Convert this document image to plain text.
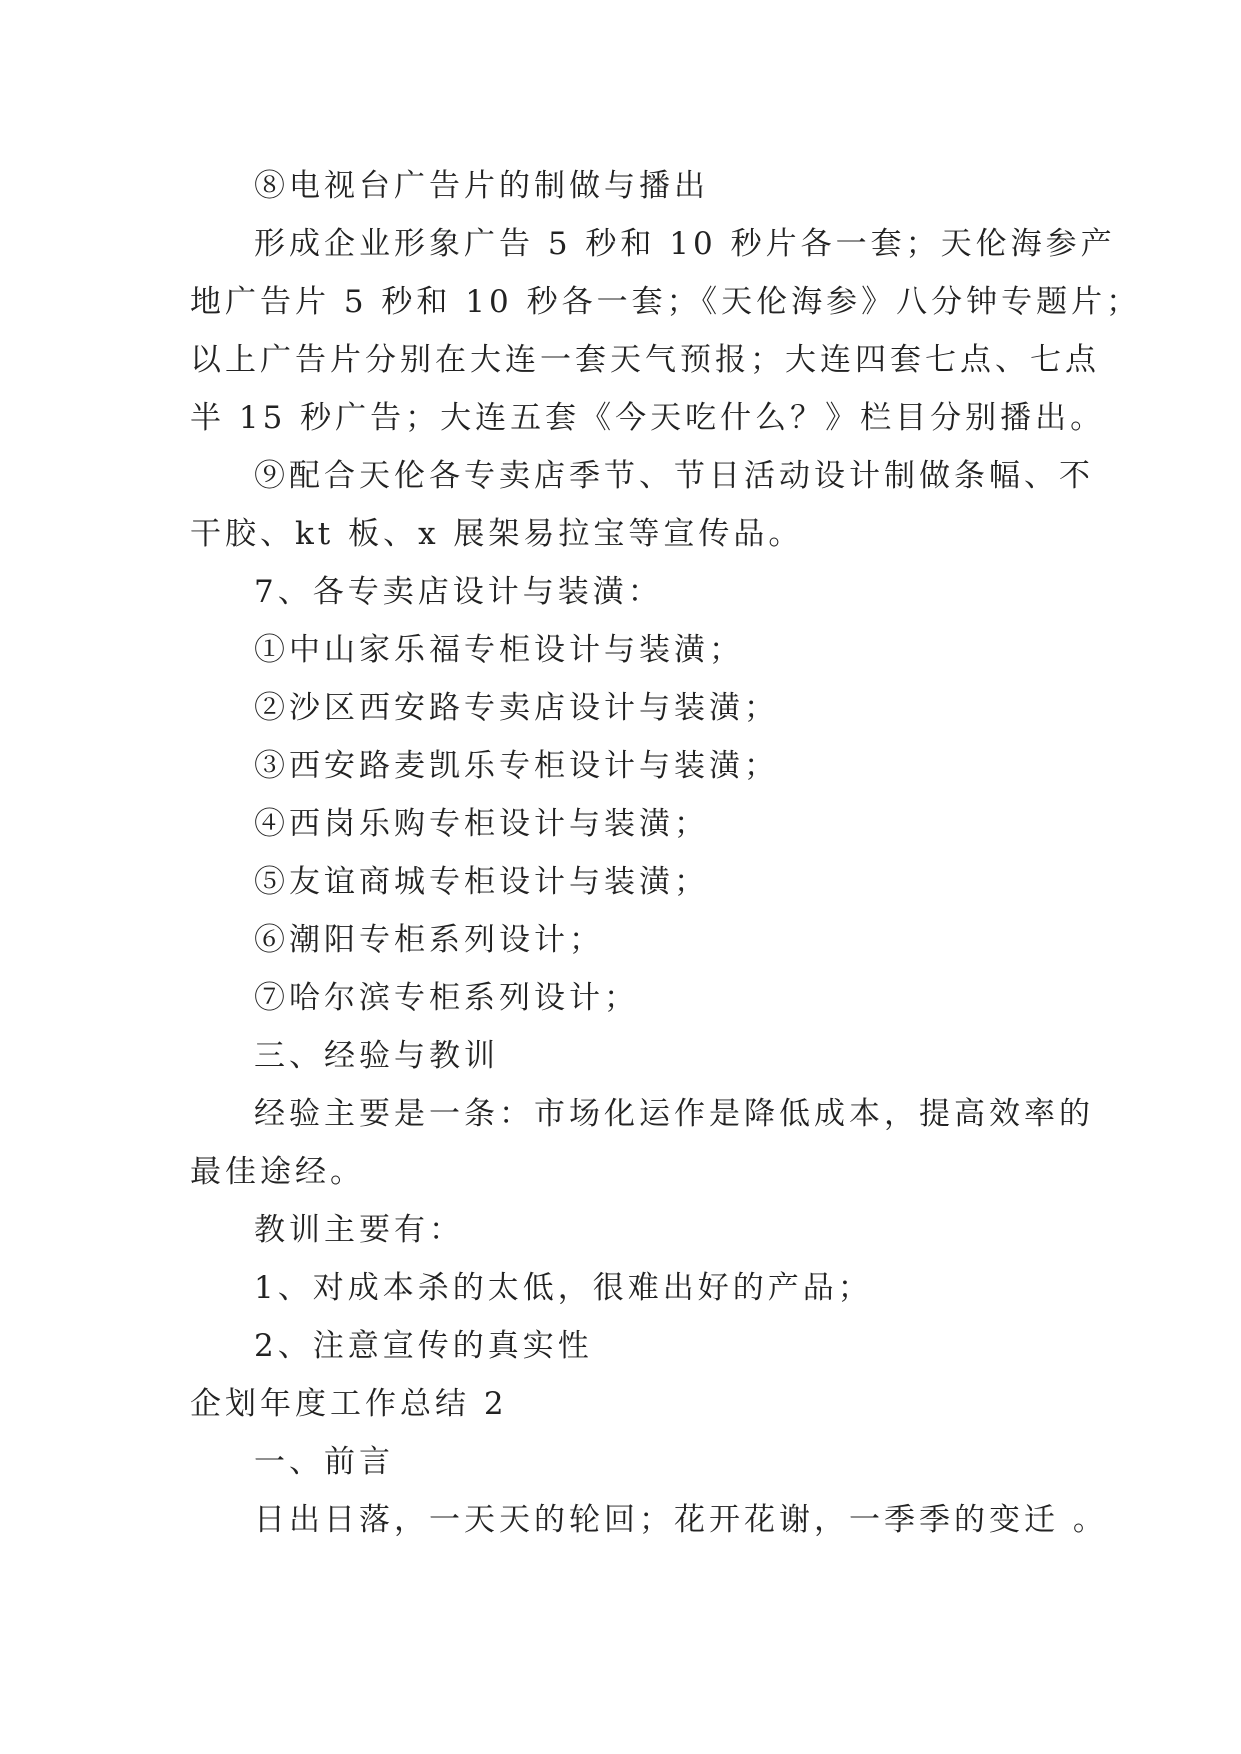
⑧电视台广告片的制做与播出
形成企业形象广告 5 秒和 10 秒片各一套；天伦海参产
地广告片 5 秒和 10 秒各一套；《天伦海参》八分钟专题片；
以上广告片分别在大连一套天气预报；大连四套七点、七点
半 15 秒广告；大连五套《今天吃什么？》栏目分别播出。
⑨配合天伦各专卖店季节、节日活动设计制做条幅、不
干胶、kt 板、x 展架易拉宝等宣传品。
7、各专卖店设计与装潢：
①中山家乐福专柜设计与装潢；
②沙区西安路专卖店设计与装潢；
③西安路麦凯乐专柜设计与装潢；
④西岗乐购专柜设计与装潢；
⑤友谊商城专柜设计与装潢；
⑥潮阳专柜系列设计；
⑦哈尔滨专柜系列设计；
三、经验与教训
经验主要是一条：市场化运作是降低成本，提高效率的
最佳途经。
教训主要有：
1、对成本杀的太低，很难出好的产品；
2、注意宣传的真实性
企划年度工作总结 2
一、前言
日出日落，一天天的轮回；花开花谢，一季季的变迁 。
